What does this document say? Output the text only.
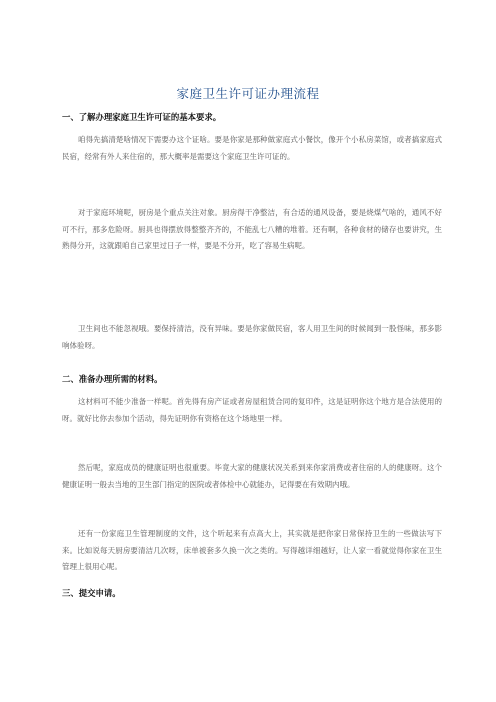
家庭卫生许可证办理流程
一、了解办理家庭卫生许可证的基本要求。
咱得先搞清楚啥情况下需要办这个证啥。要是你家是那种做家庭式小餐饮，像开个小私房菜馆，或者搞家庭式民宿，经常有外人来住宿的，那大概率是需要这个家庭卫生许可证的。
对于家庭环境呢，厨房是个重点关注对象。厨房得干净整洁，有合适的通风设备，要是烧煤气啥的，通风不好可不行，那多危险呀。厨具也得摆放得整整齐齐的，不能乱七八糟的堆着。还有啊，各种食材的储存也要讲究，生熟得分开，这就跟咱自己家里过日子一样，要是不分开，吃了容易生病呢。
卫生间也不能忽视哦。要保持清洁，没有异味。要是你家做民宿，客人用卫生间的时候闻到一股怪味，那多影响体验呀。
二、准备办理所需的材料。
这材料可不能少准备一样呢。首先得有房产证或者房屋租赁合同的复印件，这是证明你这个地方是合法使用的呀。就好比你去参加个活动，得先证明你有资格在这个场地里一样。
然后呢，家庭成员的健康证明也很重要。毕竟大家的健康状况关系到来你家消费或者住宿的人的健康呀。这个健康证明一般去当地的卫生部门指定的医院或者体检中心就能办，记得要在有效期内哦。
还有一份家庭卫生管理制度的文件，这个听起来有点高大上，其实就是把你家日常保持卫生的一些做法写下来。比如说每天厨房要清洁几次呀，床单被套多久换一次之类的。写得越详细越好，让人家一看就觉得你家在卫生管理上很用心呢。
三、提交申请。
